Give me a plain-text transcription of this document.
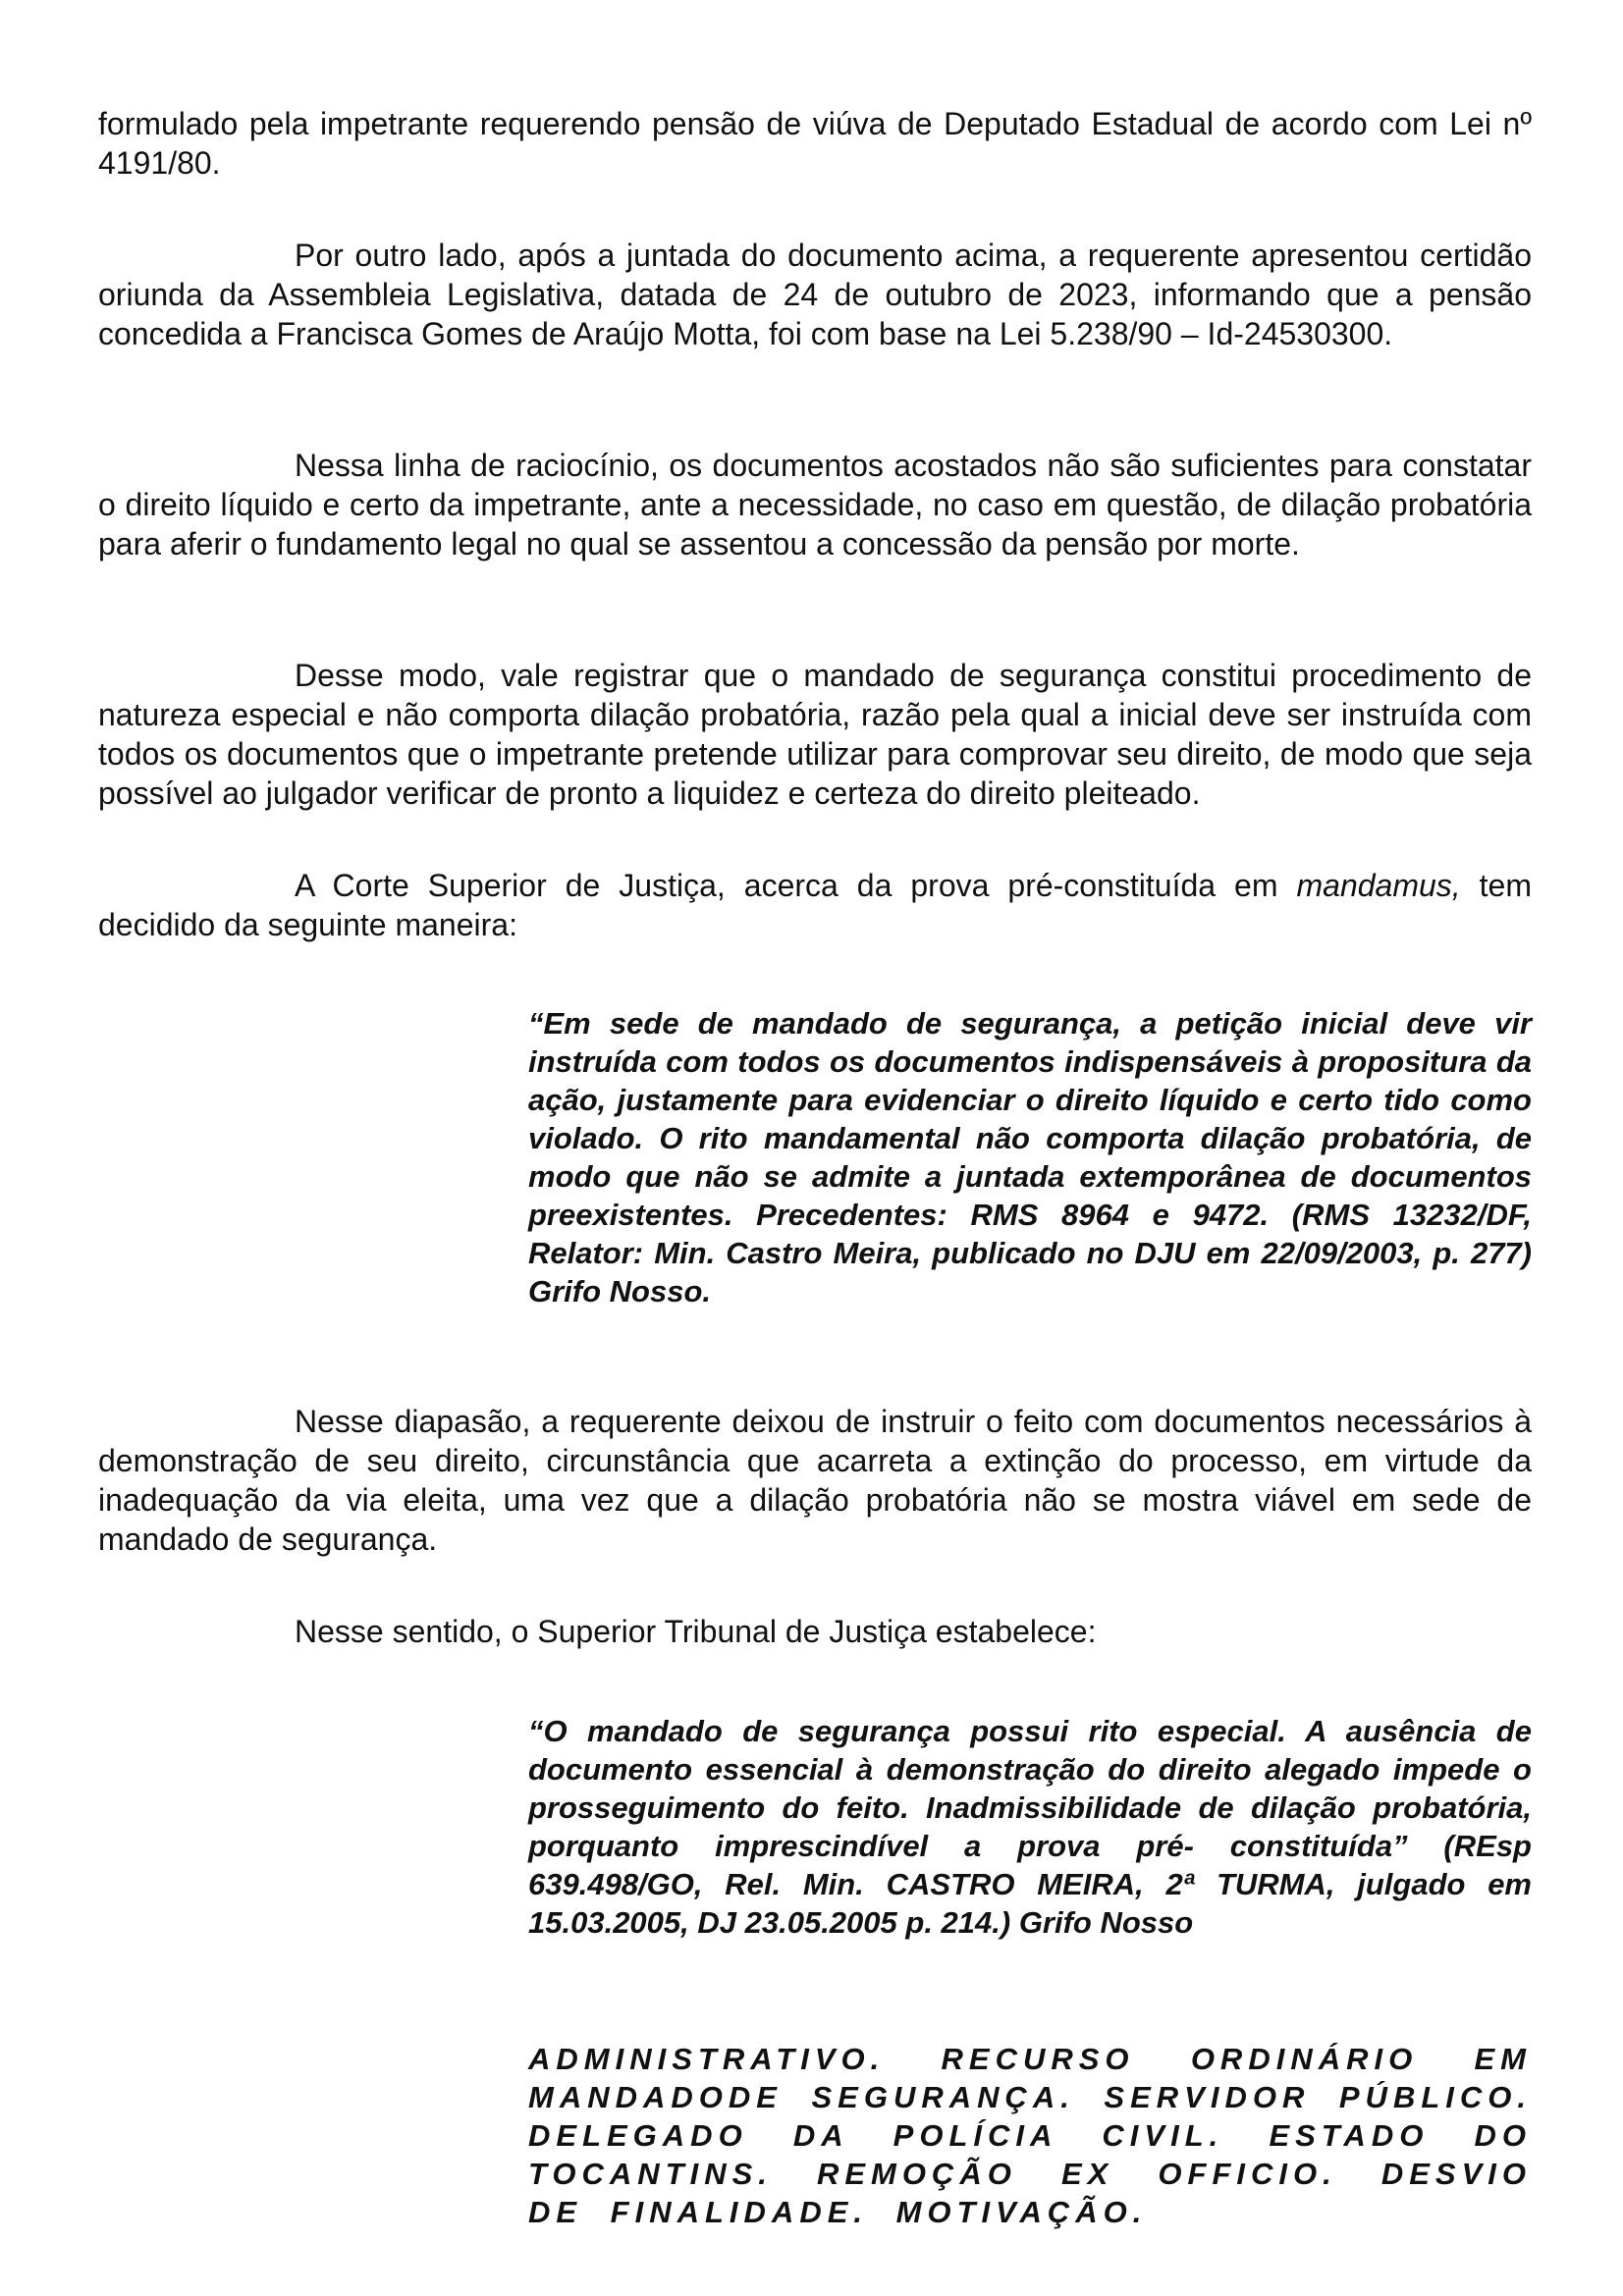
formulado pela impetrante requerendo pensão de viúva de Deputado Estadual de acordo com Lei nº 4191/80.

Por outro lado, após a juntada do documento acima, a requerente apresentou certidão oriunda da Assembleia Legislativa, datada de 24 de outubro de 2023, informando que a pensão concedida a Francisca Gomes de Araújo Motta, foi com base na Lei 5.238/90 – Id-24530300.

Nessa linha de raciocínio, os documentos acostados não são suficientes para constatar o direito líquido e certo da impetrante, ante a necessidade, no caso em questão, de dilação probatória para aferir o fundamento legal no qual se assentou a concessão da pensão por morte.

Desse modo, vale registrar que o mandado de segurança constitui procedimento de natureza especial e não comporta dilação probatória, razão pela qual a inicial deve ser instruída com todos os documentos que o impetrante pretende utilizar para comprovar seu direito, de modo que seja possível ao julgador verificar de pronto a liquidez e certeza do direito pleiteado.

A Corte Superior de Justiça, acerca da prova pré-constituída em mandamus, tem decidido da seguinte maneira:

“Em sede de mandado de segurança, a petição inicial deve vir instruída com todos os documentos indispensáveis à propositura da ação, justamente para evidenciar o direito líquido e certo tido como violado. O rito mandamental não comporta dilação probatória, de modo que não se admite a juntada extemporânea de documentos preexistentes. Precedentes: RMS 8964 e 9472. (RMS 13232/DF, Relator: Min. Castro Meira, publicado no DJU em 22/09/2003, p. 277) Grifo Nosso.

Nesse diapasão, a requerente deixou de instruir o feito com documentos necessários à demonstração de seu direito, circunstância que acarreta a extinção do processo, em virtude da inadequação da via eleita, uma vez que a dilação probatória não se mostra viável em sede de mandado de segurança.

Nesse sentido, o Superior Tribunal de Justiça estabelece:

“O mandado de segurança possui rito especial. A ausência de documento essencial à demonstração do direito alegado impede o prosseguimento do feito. Inadmissibilidade de dilação probatória, porquanto imprescindível a prova pré- constituída” (REsp 639.498/GO, Rel. Min. CASTRO MEIRA, 2ª TURMA, julgado em 15.03.2005, DJ 23.05.2005 p. 214.) Grifo Nosso

ADMINISTRATIVO. RECURSO ORDINÁRIO EM MANDADODE SEGURANÇA. SERVIDOR PÚBLICO. DELEGADO DA POLÍCIA CIVIL. ESTADO DO TOCANTINS. REMOÇÃO EX OFFICIO. DESVIO DE FINALIDADE. MOTIVAÇÃO.
